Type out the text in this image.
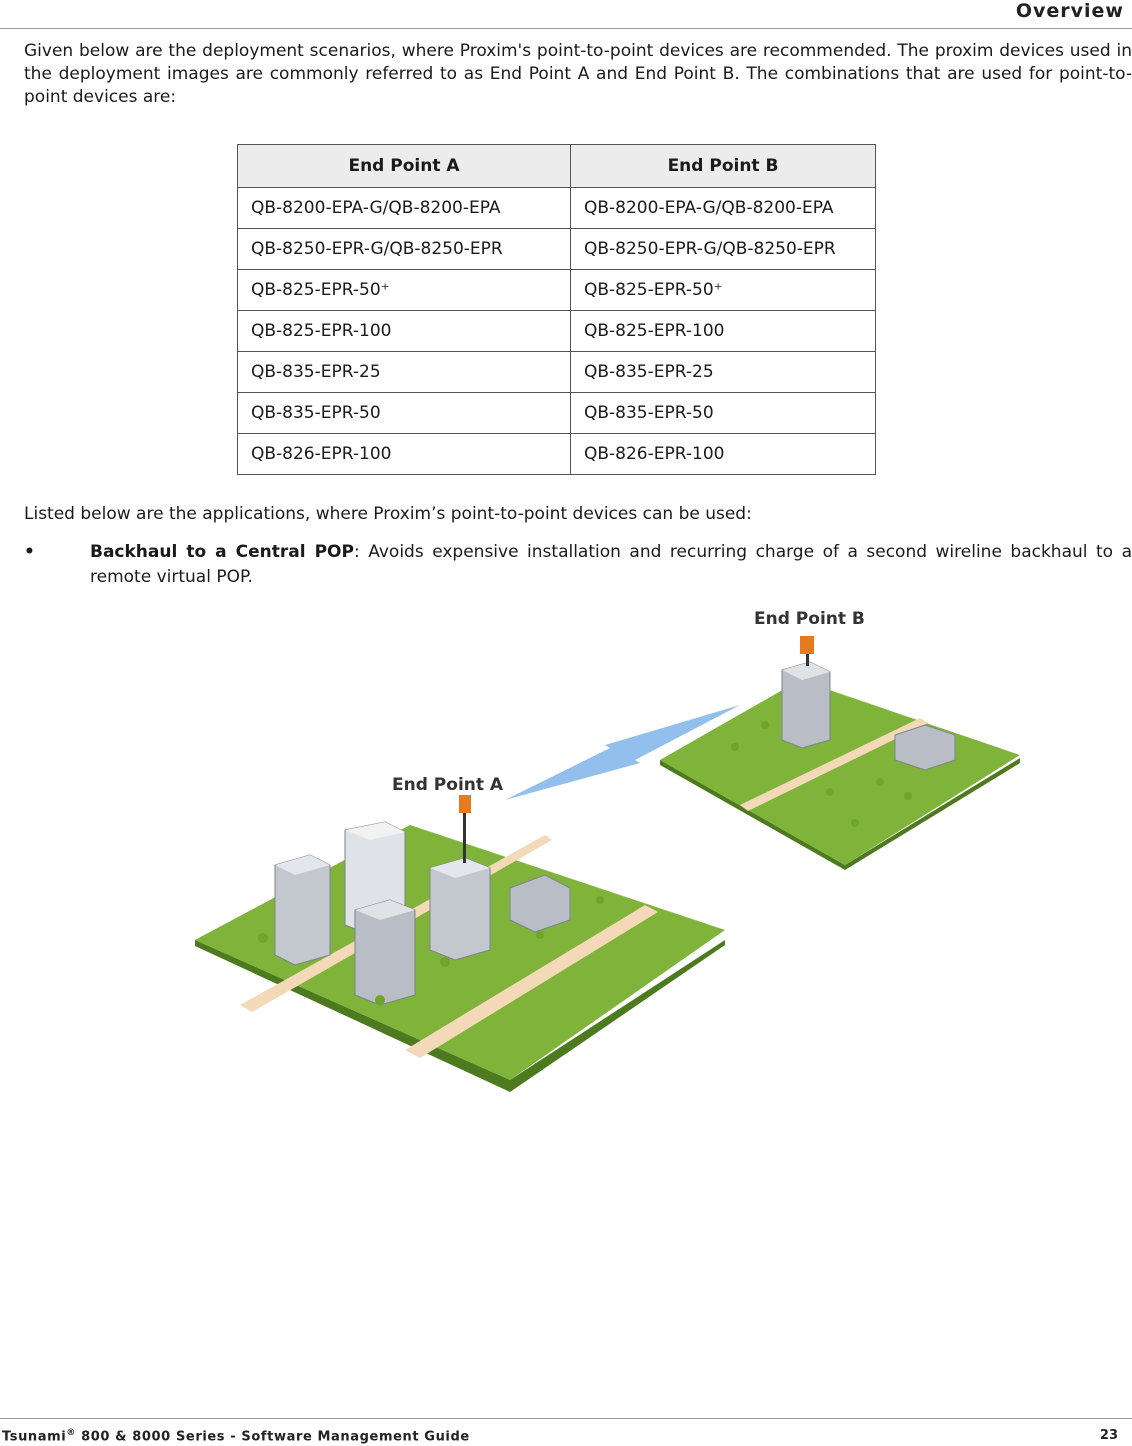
Overview
Given below are the deployment scenarios, where Proxim's point-to-point devices are recommended. The proxim devices used in the deployment images are commonly referred to as End Point A and End Point B. The combinations that are used for point-to-point devices are:
End Point A	End Point B
QB-8200-EPA-G/QB-8200-EPA	QB-8200-EPA-G/QB-8200-EPA
QB-8250-EPR-G/QB-8250-EPR	QB-8250-EPR-G/QB-8250-EPR
QB-825-EPR-50⁺	QB-825-EPR-50⁺
QB-825-EPR-100	QB-825-EPR-100
QB-835-EPR-25	QB-835-EPR-25
QB-835-EPR-50	QB-835-EPR-50
QB-826-EPR-100	QB-826-EPR-100
Listed below are the applications, where Proxim’s point-to-point devices can be used:
•	Backhaul to a Central POP: Avoids expensive installation and recurring charge of a second wireline backhaul to a remote virtual POP.
End Point A
End Point B
Tsunami® 800 & 8000 Series - Software Management Guide	23
